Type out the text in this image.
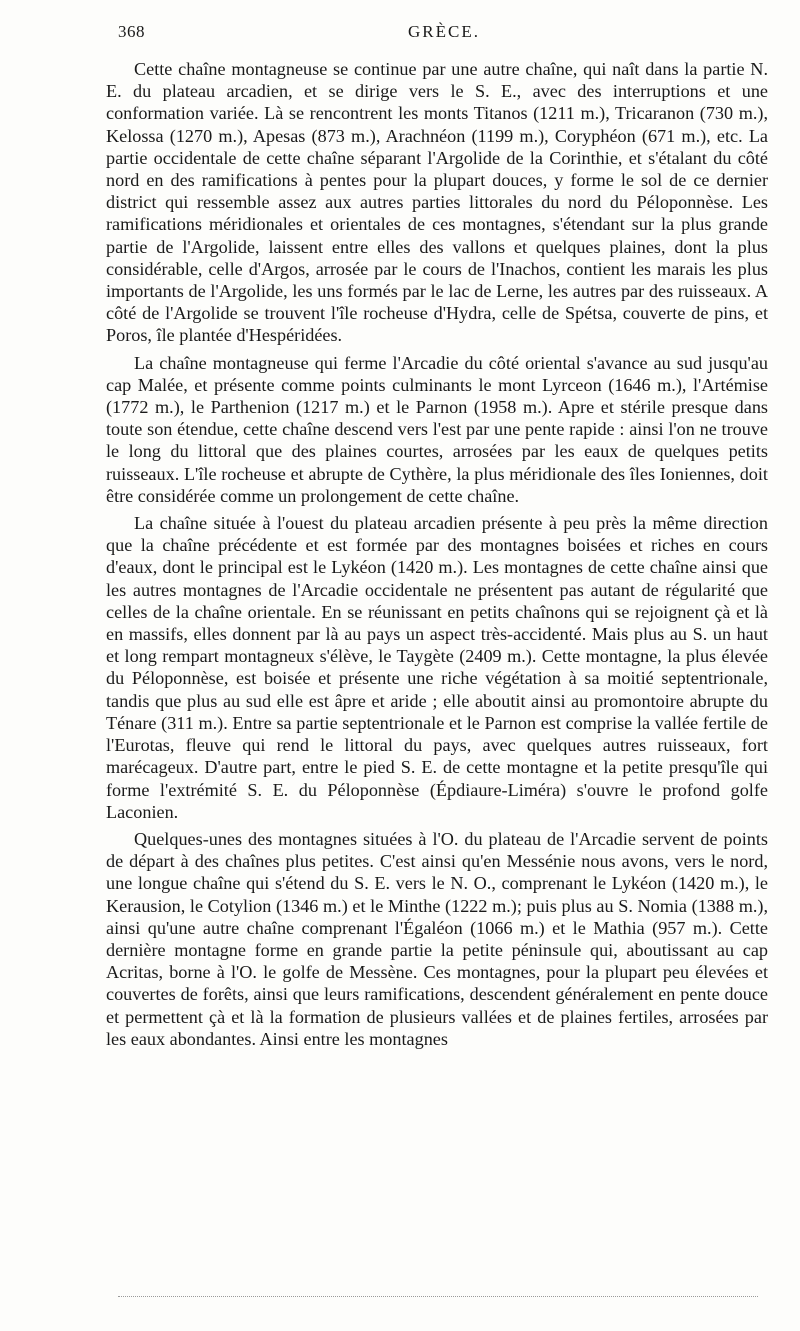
368	GRÈCE.

Cette chaîne montagneuse se continue par une autre chaîne, qui naît dans la partie N. E. du plateau arcadien, et se dirige vers le S. E., avec des interruptions et une conformation variée. Là se rencontrent les monts Titanos (1211 m.), Tricaranon (730 m.), Kelossa (1270 m.), Apesas (873 m.), Arachnéon (1199 m.), Coryphéon (671 m.), etc. La partie occidentale de cette chaîne séparant l'Argolide de la Corinthie, et s'étalant du côté nord en des ramifications à pentes pour la plupart douces, y forme le sol de ce dernier district qui ressemble assez aux autres parties littorales du nord du Péloponnèse. Les ramifications méridionales et orientales de ces montagnes, s'étendant sur la plus grande partie de l'Argolide, laissent entre elles des vallons et quelques plaines, dont la plus considérable, celle d'Argos, arrosée par le cours de l'Inachos, contient les marais les plus importants de l'Argolide, les uns formés par le lac de Lerne, les autres par des ruisseaux. A côté de l'Argolide se trouvent l'île rocheuse d'Hydra, celle de Spétsa, couverte de pins, et Poros, île plantée d'Hespéridées.

La chaîne montagneuse qui ferme l'Arcadie du côté oriental s'avance au sud jusqu'au cap Malée, et présente comme points culminants le mont Lyrceon (1646 m.), l'Artémise (1772 m.), le Parthenion (1217 m.) et le Parnon (1958 m.). Apre et stérile presque dans toute son étendue, cette chaîne descend vers l'est par une pente rapide : ainsi l'on ne trouve le long du littoral que des plaines courtes, arrosées par les eaux de quelques petits ruisseaux. L'île rocheuse et abrupte de Cythère, la plus méridionale des îles Ioniennes, doit être considérée comme un prolongement de cette chaîne.

La chaîne située à l'ouest du plateau arcadien présente à peu près la même direction que la chaîne précédente et est formée par des montagnes boisées et riches en cours d'eaux, dont le principal est le Lykéon (1420 m.). Les montagnes de cette chaîne ainsi que les autres montagnes de l'Arcadie occidentale ne présentent pas autant de régularité que celles de la chaîne orientale. En se réunissant en petits chaînons qui se rejoignent çà et là en massifs, elles donnent par là au pays un aspect très-accidenté. Mais plus au S. un haut et long rempart montagneux s'élève, le Taygète (2409 m.). Cette montagne, la plus élevée du Péloponnèse, est boisée et présente une riche végétation à sa moitié septentrionale, tandis que plus au sud elle est âpre et aride ; elle aboutit ainsi au promontoire abrupte du Ténare (311 m.). Entre sa partie septentrionale et le Parnon est comprise la vallée fertile de l'Eurotas, fleuve qui rend le littoral du pays, avec quelques autres ruisseaux, fort marécageux. D'autre part, entre le pied S. E. de cette montagne et la petite presqu'île qui forme l'extrémité S. E. du Péloponnèse (Épdiaure-Liméra) s'ouvre le profond golfe Laconien.

Quelques-unes des montagnes situées à l'O. du plateau de l'Arcadie servent de points de départ à des chaînes plus petites. C'est ainsi qu'en Messénie nous avons, vers le nord, une longue chaîne qui s'étend du S. E. vers le N. O., comprenant le Lykéon (1420 m.), le Kerausion, le Cotylion (1346 m.) et le Minthe (1222 m.); puis plus au S. Nomia (1388 m.), ainsi qu'une autre chaîne comprenant l'Égaléon (1066 m.) et le Mathia (957 m.). Cette dernière montagne forme en grande partie la petite péninsule qui, aboutissant au cap Acritas, borne à l'O. le golfe de Messène. Ces montagnes, pour la plupart peu élevées et couvertes de forêts, ainsi que leurs ramifications, descendent généralement en pente douce et permettent çà et là la formation de plusieurs vallées et de plaines fertiles, arrosées par les eaux abondantes. Ainsi entre les montagnes
